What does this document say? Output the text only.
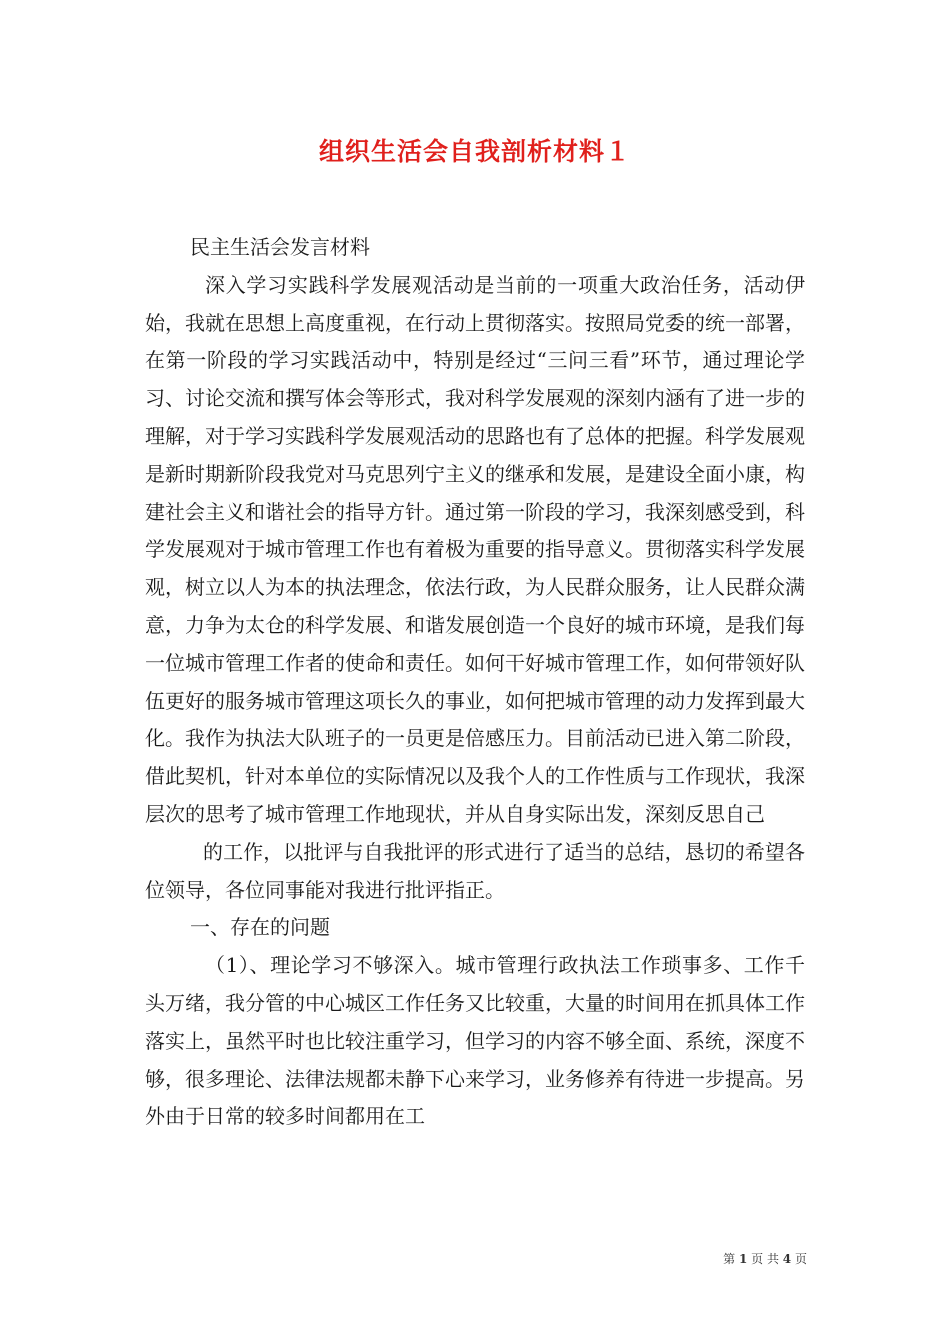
组织生活会自我剖析材料１

民主生活会发言材料

深入学习实践科学发展观活动是当前的一项重大政治任务，活动伊始，我就在思想上高度重视，在行动上贯彻落实。按照局党委的统一部署，在第一阶段的学习实践活动中，特别是经过“三问三看”环节，通过理论学习、讨论交流和撰写体会等形式，我对科学发展观的深刻内涵有了进一步的理解，对于学习实践科学发展观活动的思路也有了总体的把握。科学发展观是新时期新阶段我党对马克思列宁主义的继承和发展，是建设全面小康，构建社会主义和谐社会的指导方针。通过第一阶段的学习，我深刻感受到，科学发展观对于城市管理工作也有着极为重要的指导意义。贯彻落实科学发展观，树立以人为本的执法理念，依法行政，为人民群众服务，让人民群众满意，力争为太仓的科学发展、和谐发展创造一个良好的城市环境，是我们每一位城市管理工作者的使命和责任。如何干好城市管理工作，如何带领好队伍更好的服务城市管理这项长久的事业，如何把城市管理的动力发挥到最大化。我作为执法大队班子的一员更是倍感压力。目前活动已进入第二阶段，借此契机，针对本单位的实际情况以及我个人的工作性质与工作现状，我深层次的思考了城市管理工作地现状，并从自身实际出发，深刻反思自己

的工作，以批评与自我批评的形式进行了适当的总结，恳切的希望各位领导，各位同事能对我进行批评指正。

一、存在的问题

（1）、理论学习不够深入。城市管理行政执法工作琐事多、工作千头万绪，我分管的中心城区工作任务又比较重，大量的时间用在抓具体工作落实上，虽然平时也比较注重学习，但学习的内容不够全面、系统，深度不够，很多理论、法律法规都未静下心来学习，业务修养有待进一步提高。另外由于日常的较多时间都用在工

第 1 页 共 4 页
